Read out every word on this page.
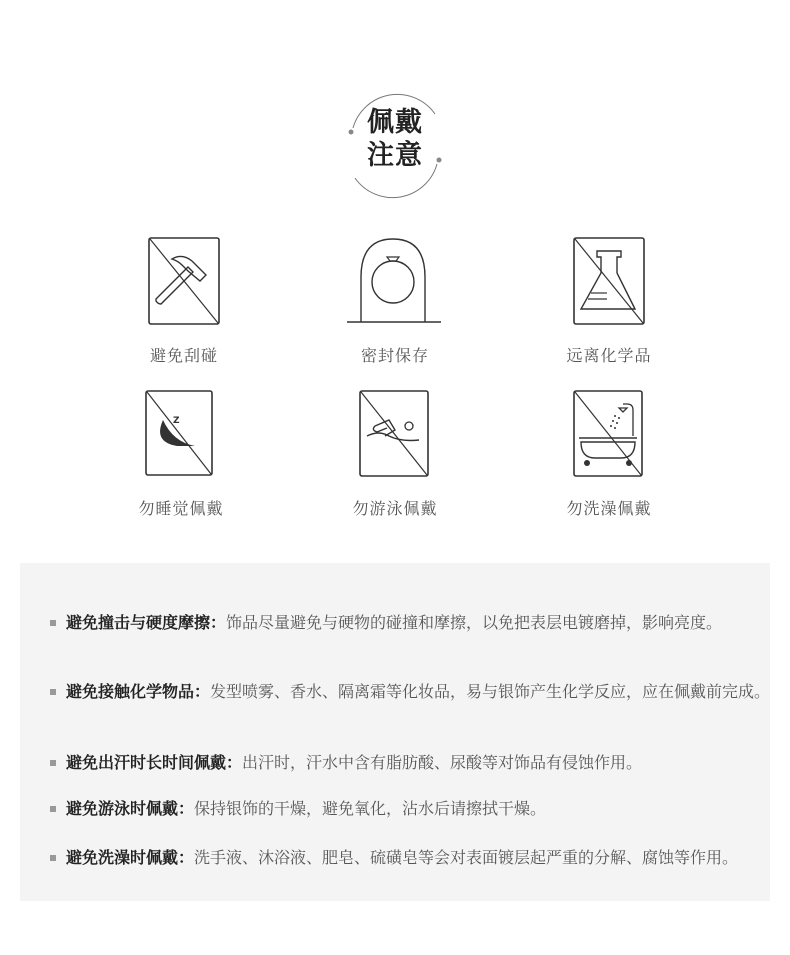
佩戴
注意
避免刮碰	密封保存	远离化学品
Z
z
勿睡觉佩戴	勿游泳佩戴	勿洗澡佩戴
避免撞击与硬度摩擦：饰品尽量避免与硬物的碰撞和摩擦，以免把表层电镀磨掉，影响亮度。
避免接触化学物品：发型喷雾、香水、隔离霜等化妆品，易与银饰产生化学反应，应在佩戴前完成。
避免出汗时长时间佩戴：出汗时，汗水中含有脂肪酸、尿酸等对饰品有侵蚀作用。
避免游泳时佩戴：保持银饰的干燥，避免氧化，沾水后请擦拭干燥。
避免洗澡时佩戴：洗手液、沐浴液、肥皂、硫磺皂等会对表面镀层起严重的分解、腐蚀等作用。
